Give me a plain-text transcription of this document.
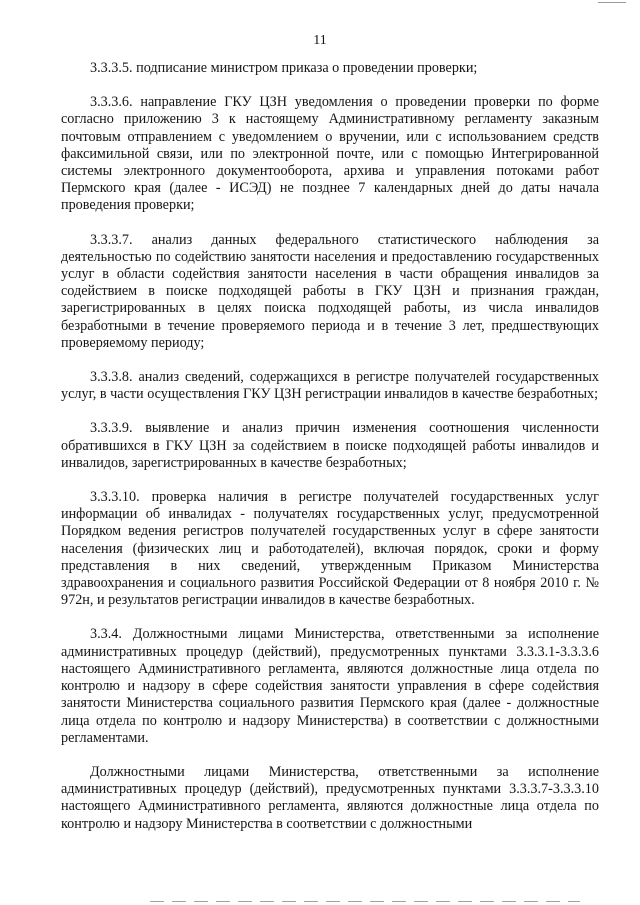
11

3.3.3.5. подписание министром приказа о проведении проверки;

3.3.3.6. направление ГКУ ЦЗН уведомления о проведении проверки по форме согласно приложению 3 к настоящему Административному регламенту заказным почтовым отправлением с уведомлением о вручении, или с использованием средств факсимильной связи, или по электронной почте, или с помощью Интегрированной системы электронного документооборота, архива и управления потоками работ Пермского края (далее - ИСЭД) не позднее 7 календарных дней до даты начала проведения проверки;

3.3.3.7. анализ данных федерального статистического наблюдения за деятельностью по содействию занятости населения и предоставлению государственных услуг в области содействия занятости населения в части обращения инвалидов за содействием в поиске подходящей работы в ГКУ ЦЗН и признания граждан, зарегистрированных в целях поиска подходящей работы, из числа инвалидов безработными в течение проверяемого периода и в течение 3 лет, предшествующих проверяемому периоду;

3.3.3.8. анализ сведений, содержащихся в регистре получателей государственных услуг, в части осуществления ГКУ ЦЗН регистрации инвалидов в качестве безработных;

3.3.3.9. выявление и анализ причин изменения соотношения численности обратившихся в ГКУ ЦЗН за содействием в поиске подходящей работы инвалидов и инвалидов, зарегистрированных в качестве безработных;

3.3.3.10. проверка наличия в регистре получателей государственных услуг информации об инвалидах - получателях государственных услуг, предусмотренной Порядком ведения регистров получателей государственных услуг в сфере занятости населения (физических лиц и работодателей), включая порядок, сроки и форму представления в них сведений, утвержденным Приказом Министерства здравоохранения и социального развития Российской Федерации от 8 ноября 2010 г. № 972н, и результатов регистрации инвалидов в качестве безработных.

3.3.4. Должностными лицами Министерства, ответственными за исполнение административных процедур (действий), предусмотренных пунктами 3.3.3.1-3.3.3.6 настоящего Административного регламента, являются должностные лица отдела по контролю и надзору в сфере содействия занятости управления в сфере содействия занятости Министерства социального развития Пермского края (далее - должностные лица отдела по контролю и надзору Министерства) в соответствии с должностными регламентами.

Должностными лицами Министерства, ответственными за исполнение административных процедур (действий), предусмотренных пунктами 3.3.3.7-3.3.3.10 настоящего Административного регламента, являются должностные лица отдела по контролю и надзору Министерства в соответствии с должностными
